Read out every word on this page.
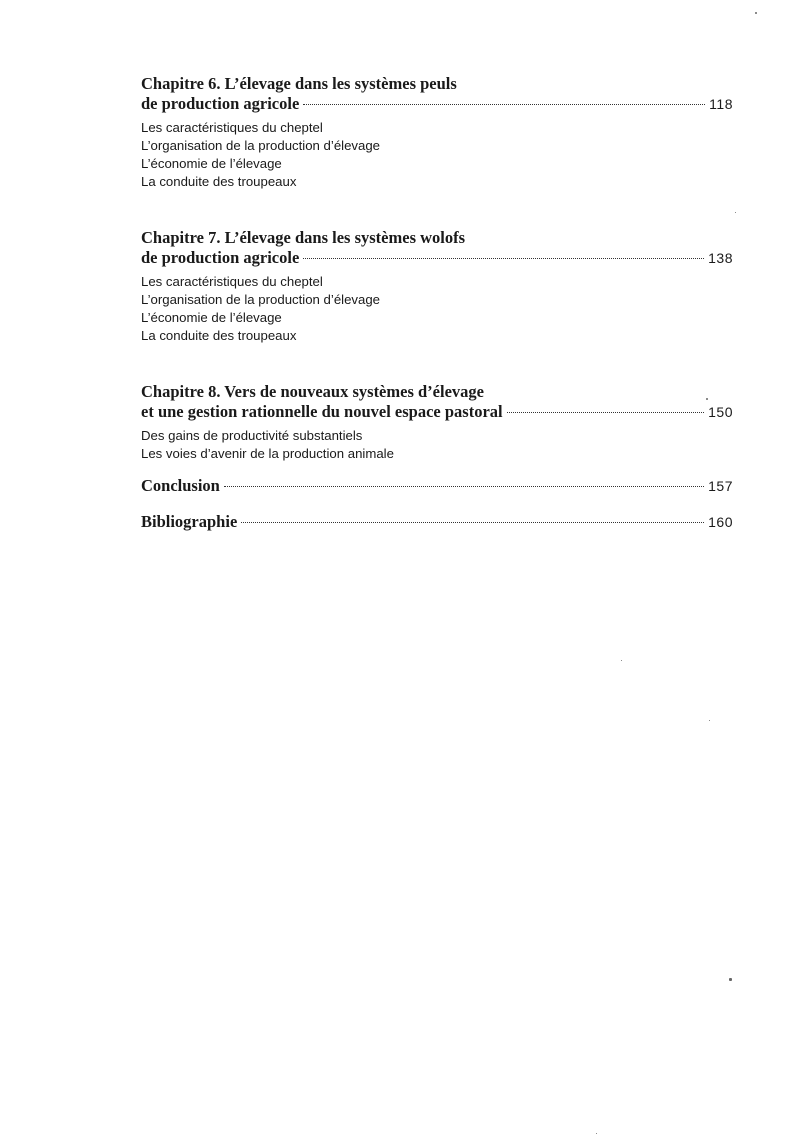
Chapitre 6. L’élevage dans les systèmes peuls

de production agricole	118

Les caractéristiques du cheptel

L’organisation de la production d’élevage

L’économie de l’élevage

La conduite des troupeaux

Chapitre 7. L’élevage dans les systèmes wolofs

de production agricole	138

Les caractéristiques du cheptel

L’organisation de la production d’élevage

L’économie de l’élevage

La conduite des troupeaux

Chapitre 8. Vers de nouveaux systèmes d’élevage

et une gestion rationnelle du nouvel espace pastoral	150

Des gains de productivité substantiels

Les voies d’avenir de la production animale

Conclusion	157
Bibliographie	160
